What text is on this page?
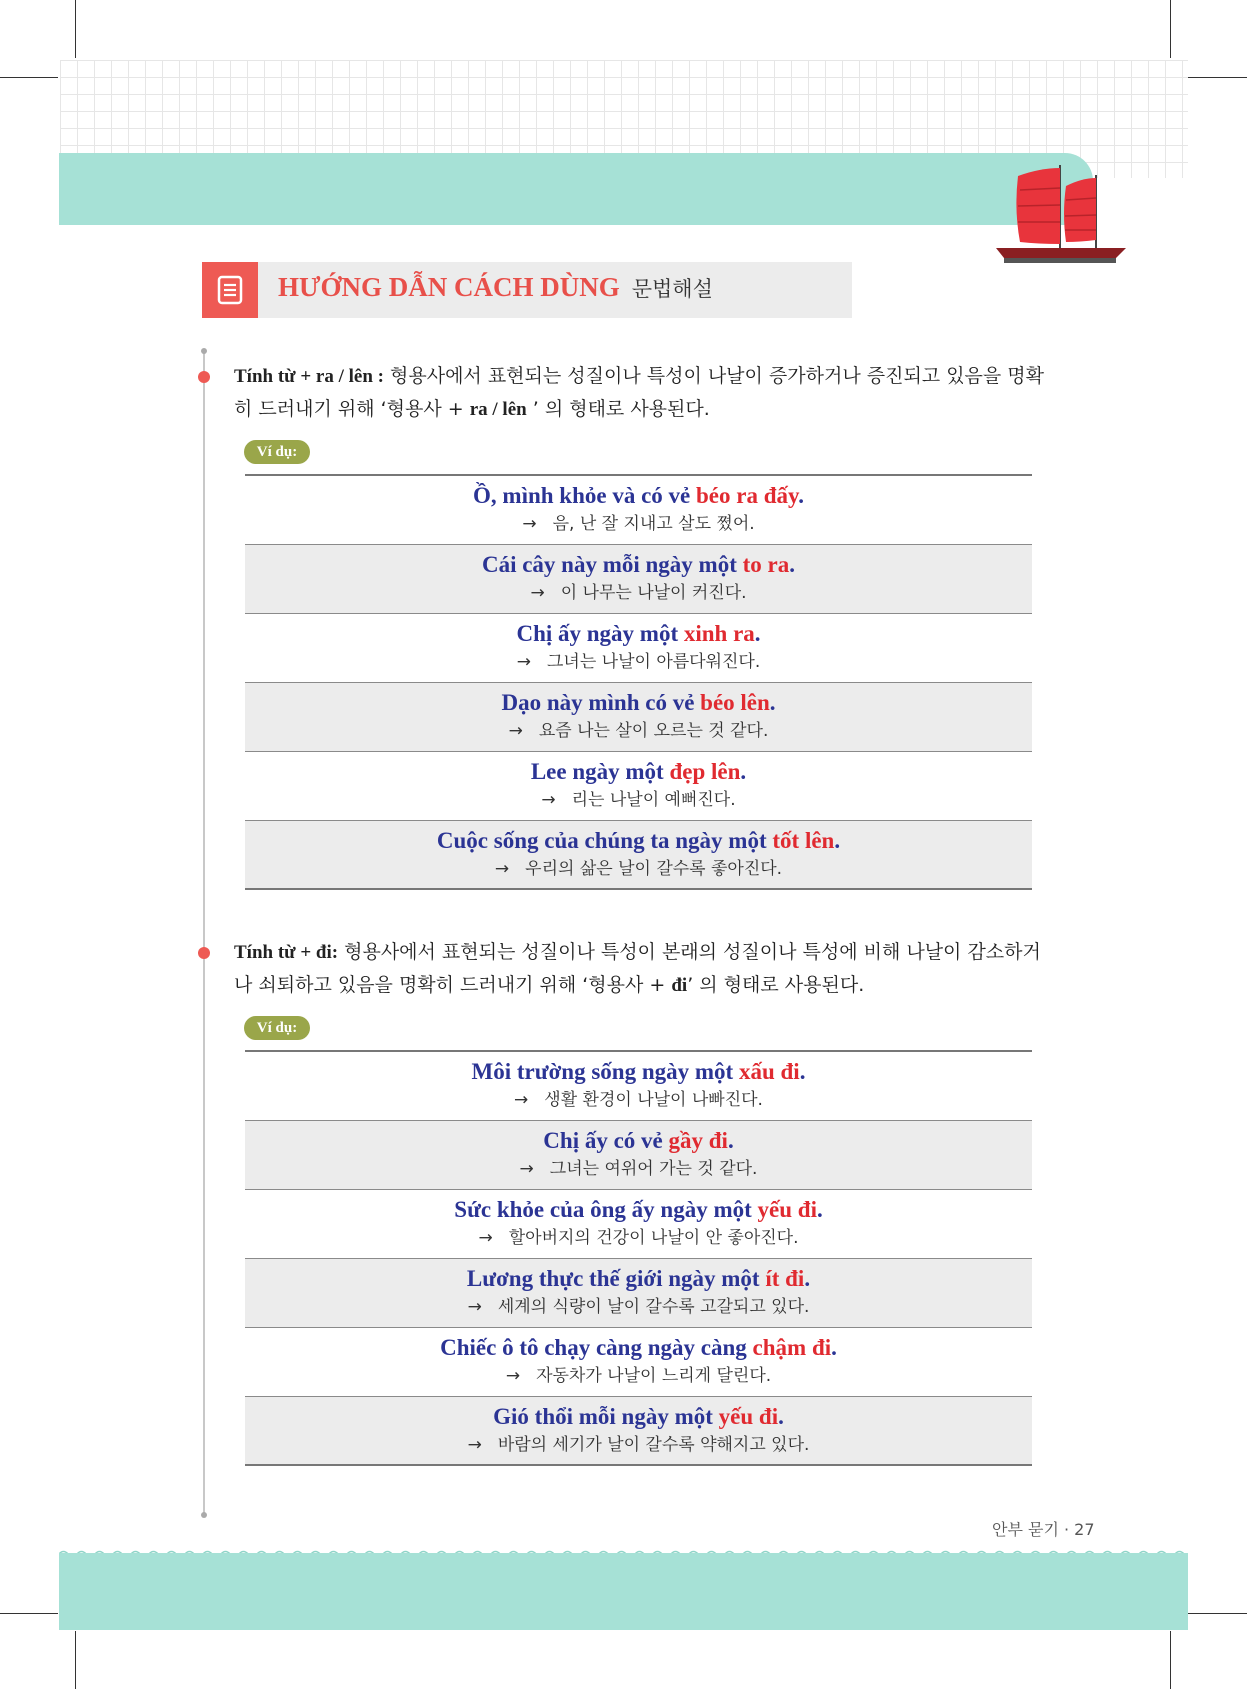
HƯỚNG DẪN CÁCH DÙNG 문법해설
Tính từ + ra / lên : 형용사에서 표현되는 성질이나 특성이 나날이 증가하거나 증진되고 있음을 명확히 드러내기 위해 ‘형용사 + ra / lên ’ 의 형태로 사용된다.
Ví dụ:
Ồ, mình khỏe và có vẻ béo ra đấy.
→ 음, 난 잘 지내고 살도 쪘어.
Cái cây này mỗi ngày một to ra.
→ 이 나무는 나날이 커진다.
Chị ấy ngày một xinh ra.
→ 그녀는 나날이 아름다워진다.
Dạo này mình có vẻ béo lên.
→ 요즘 나는 살이 오르는 것 같다.
Lee ngày một đẹp lên.
→ 리는 나날이 예뻐진다.
Cuộc sống của chúng ta ngày một tốt lên.
→ 우리의 삶은 날이 갈수록 좋아진다.
Tính từ + đi: 형용사에서 표현되는 성질이나 특성이 본래의 성질이나 특성에 비해 나날이 감소하거나 쇠퇴하고 있음을 명확히 드러내기 위해 ‘형용사 + đi’ 의 형태로 사용된다.
Ví dụ:
Môi trường sống ngày một xấu đi.
→ 생활 환경이 나날이 나빠진다.
Chị ấy có vẻ gầy đi.
→ 그녀는 여위어 가는 것 같다.
Sức khỏe của ông ấy ngày một yếu đi.
→ 할아버지의 건강이 나날이 안 좋아진다.
Lương thực thế giới ngày một ít đi.
→ 세계의 식량이 날이 갈수록 고갈되고 있다.
Chiếc ô tô chạy càng ngày càng chậm đi.
→ 자동차가 나날이 느리게 달린다.
Gió thổi mỗi ngày một yếu đi.
→ 바람의 세기가 날이 갈수록 약해지고 있다.
안부 묻기 · 27
